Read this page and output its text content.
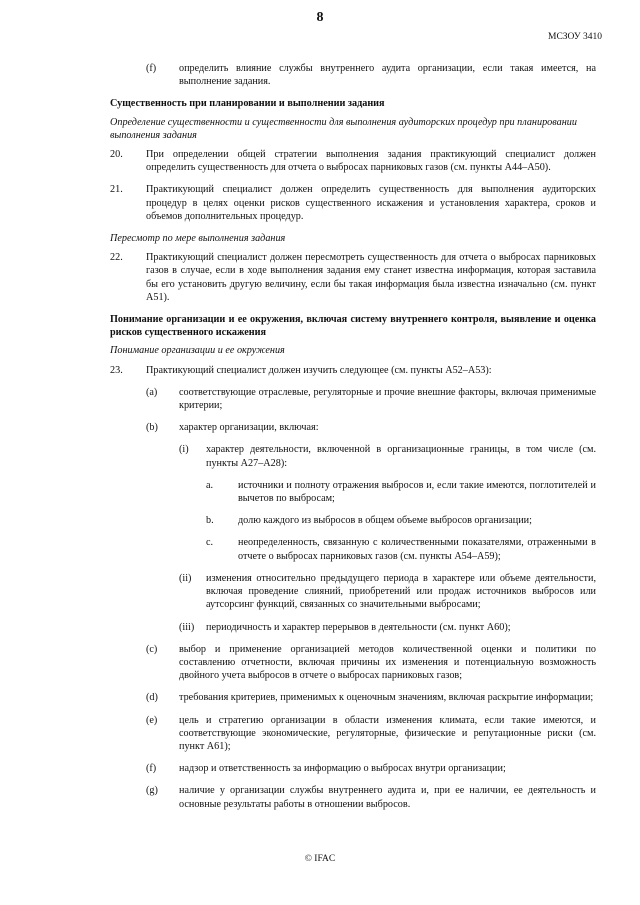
8
МСЗОУ 3410
(f)	определить влияние службы внутреннего аудита организации, если такая имеется, на выполнение задания.
Существенность при планировании и выполнении задания
Определение существенности и существенности для выполнения аудиторских процедур при планировании выполнения задания
20.	При определении общей стратегии выполнения задания практикующий специалист должен определить существенность для отчета о выбросах парниковых газов (см. пункты A44–A50).
21.	Практикующий специалист должен определить существенность для выполнения аудиторских процедур в целях оценки рисков существенного искажения и установления характера, сроков и объемов дополнительных процедур.
Пересмотр по мере выполнения задания
22.	Практикующий специалист должен пересмотреть существенность для отчета о выбросах парниковых газов в случае, если в ходе выполнения задания ему станет известна информация, которая заставила бы его установить другую величину, если бы такая информация была известна изначально (см. пункт A51).
Понимание организации и ее окружения, включая систему внутреннего контроля, выявление и оценка рисков существенного искажения
Понимание организации и ее окружения
23.	Практикующий специалист должен изучить следующее (см. пункты A52–A53):
(a)	соответствующие отраслевые, регуляторные и прочие внешние факторы, включая применимые критерии;
(b)	характер организации, включая:
(i)	характер деятельности, включенной в организационные границы, в том числе (см. пункты A27–A28):
a.	источники и полноту отражения выбросов и, если такие имеются, поглотителей и вычетов по выбросам;
b.	долю каждого из выбросов в общем объеме выбросов организации;
c.	неопределенность, связанную с количественными показателями, отраженными в отчете о выбросах парниковых газов (см. пункты A54–A59);
(ii)	изменения относительно предыдущего периода в характере или объеме деятельности, включая проведение слияний, приобретений или продаж источников выбросов или аутсорсинг функций, связанных со значительными выбросами;
(iii)	периодичность и характер перерывов в деятельности (см. пункт A60);
(c)	выбор и применение организацией методов количественной оценки и политики по составлению отчетности, включая причины их изменения и потенциальную возможность двойного учета выбросов в отчете о выбросах парниковых газов;
(d)	требования критериев, применимых к оценочным значениям, включая раскрытие информации;
(e)	цель и стратегию организации в области изменения климата, если такие имеются, и соответствующие экономические, регуляторные, физические и репутационные риски (см. пункт A61);
(f)	надзор и ответственность за информацию о выбросах внутри организации;
(g)	наличие у организации службы внутреннего аудита и, при ее наличии, ее деятельность и основные результаты работы в отношении выбросов.
© IFAC
